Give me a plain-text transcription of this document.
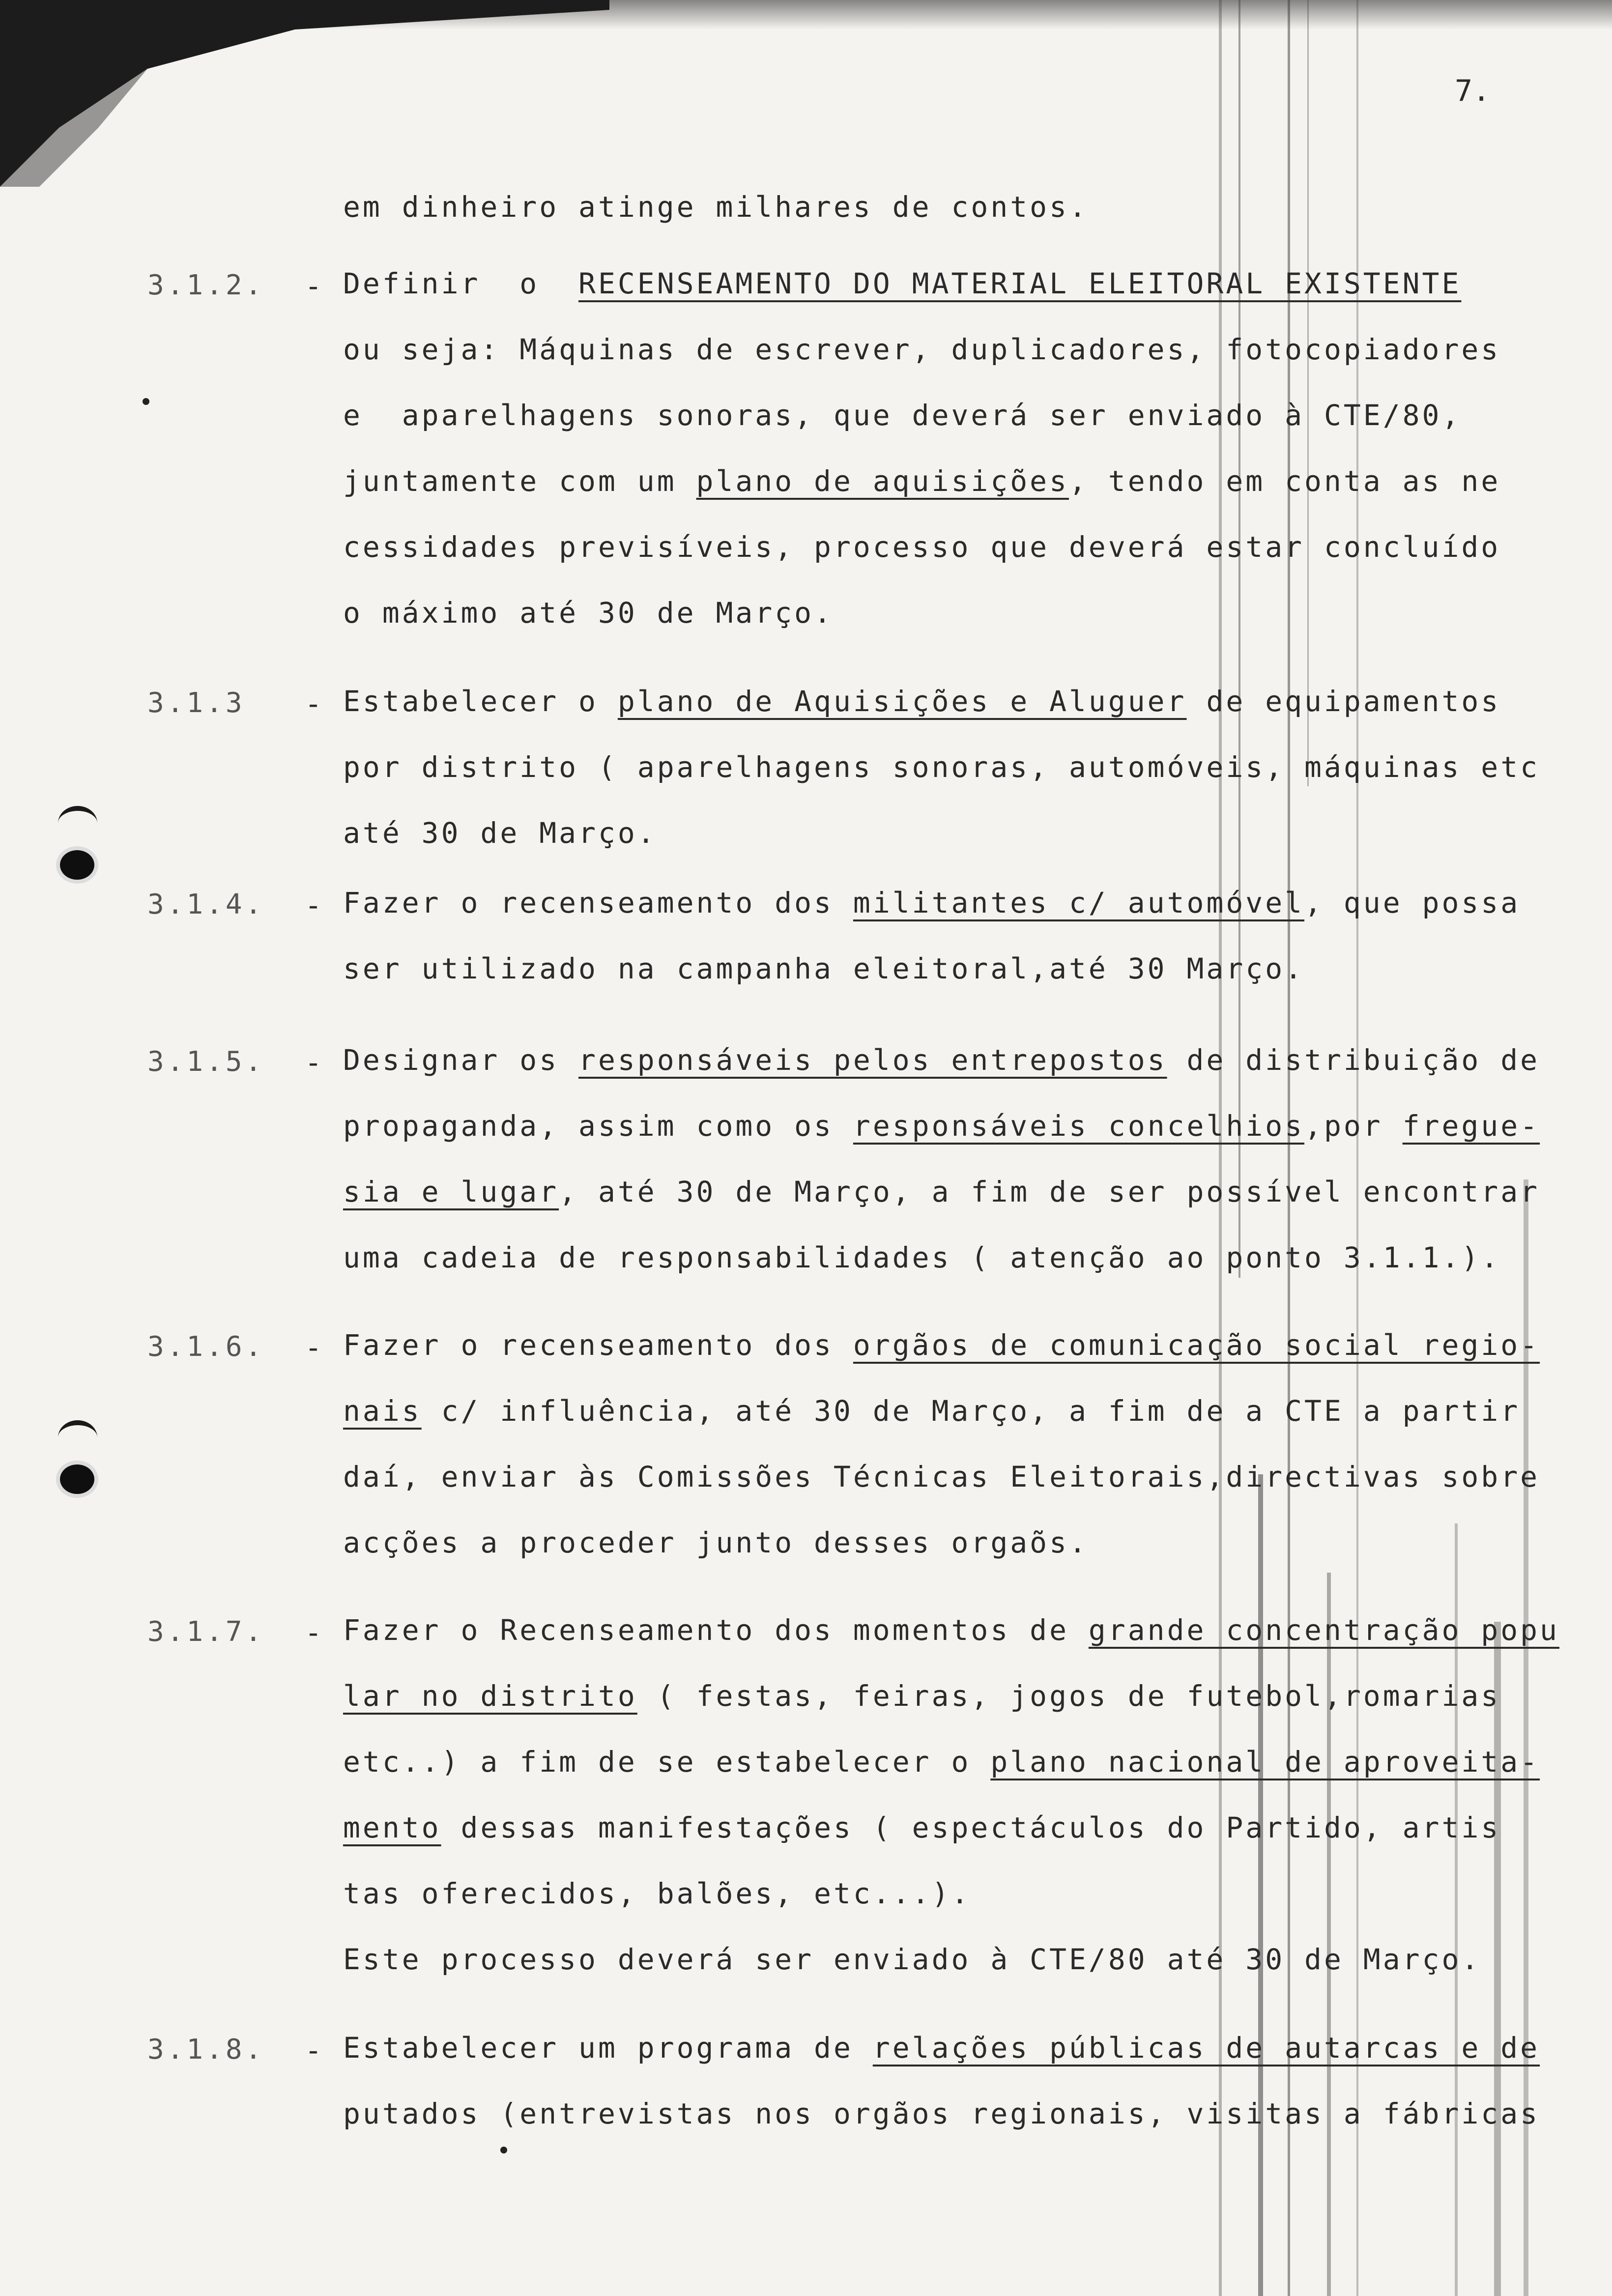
7.
em dinheiro atinge milhares de contos.
3.1.2. - Definir  o  RECENSEAMENTO DO MATERIAL ELEITORAL EXISTENTE
ou seja: Máquinas de escrever, duplicadores, fotocopiadores
e  aparelhagens sonoras, que deverá ser enviado à CTE/80,
juntamente com um plano de aquisições, tendo em conta as ne
cessidades previsíveis, processo que deverá estar concluído
o máximo até 30 de Março.
3.1.3 - Estabelecer o plano de Aquisições e Aluguer de equipamentos
por distrito ( aparelhagens sonoras, automóveis, máquinas etc
até 30 de Março.
3.1.4. - Fazer o recenseamento dos militantes c/ automóvel, que possa
ser utilizado na campanha eleitoral,até 30 Março.
3.1.5. - Designar os responsáveis pelos entrepostos de distribuição de
propaganda, assim como os responsáveis concelhios,por fregue-
sia e lugar, até 30 de Março, a fim de ser possível encontrar
uma cadeia de responsabilidades ( atenção ao ponto 3.1.1.).
3.1.6. - Fazer o recenseamento dos orgãos de comunicação social regio-
nais c/ influência, até 30 de Março, a fim de a CTE a partir
daí, enviar às Comissões Técnicas Eleitorais,directivas sobre
acções a proceder junto desses orgaõs.
3.1.7. - Fazer o Recenseamento dos momentos de grande concentração popu
lar no distrito ( festas, feiras, jogos de futebol,romarias
etc..) a fim de se estabelecer o plano nacional de aproveita-
mento dessas manifestações ( espectáculos do Partido, artis
tas oferecidos, balões, etc...).
Este processo deverá ser enviado à CTE/80 até 30 de Março.
3.1.8. - Estabelecer um programa de relações públicas de autarcas e de
putados (entrevistas nos orgãos regionais, visitas a fábricas
